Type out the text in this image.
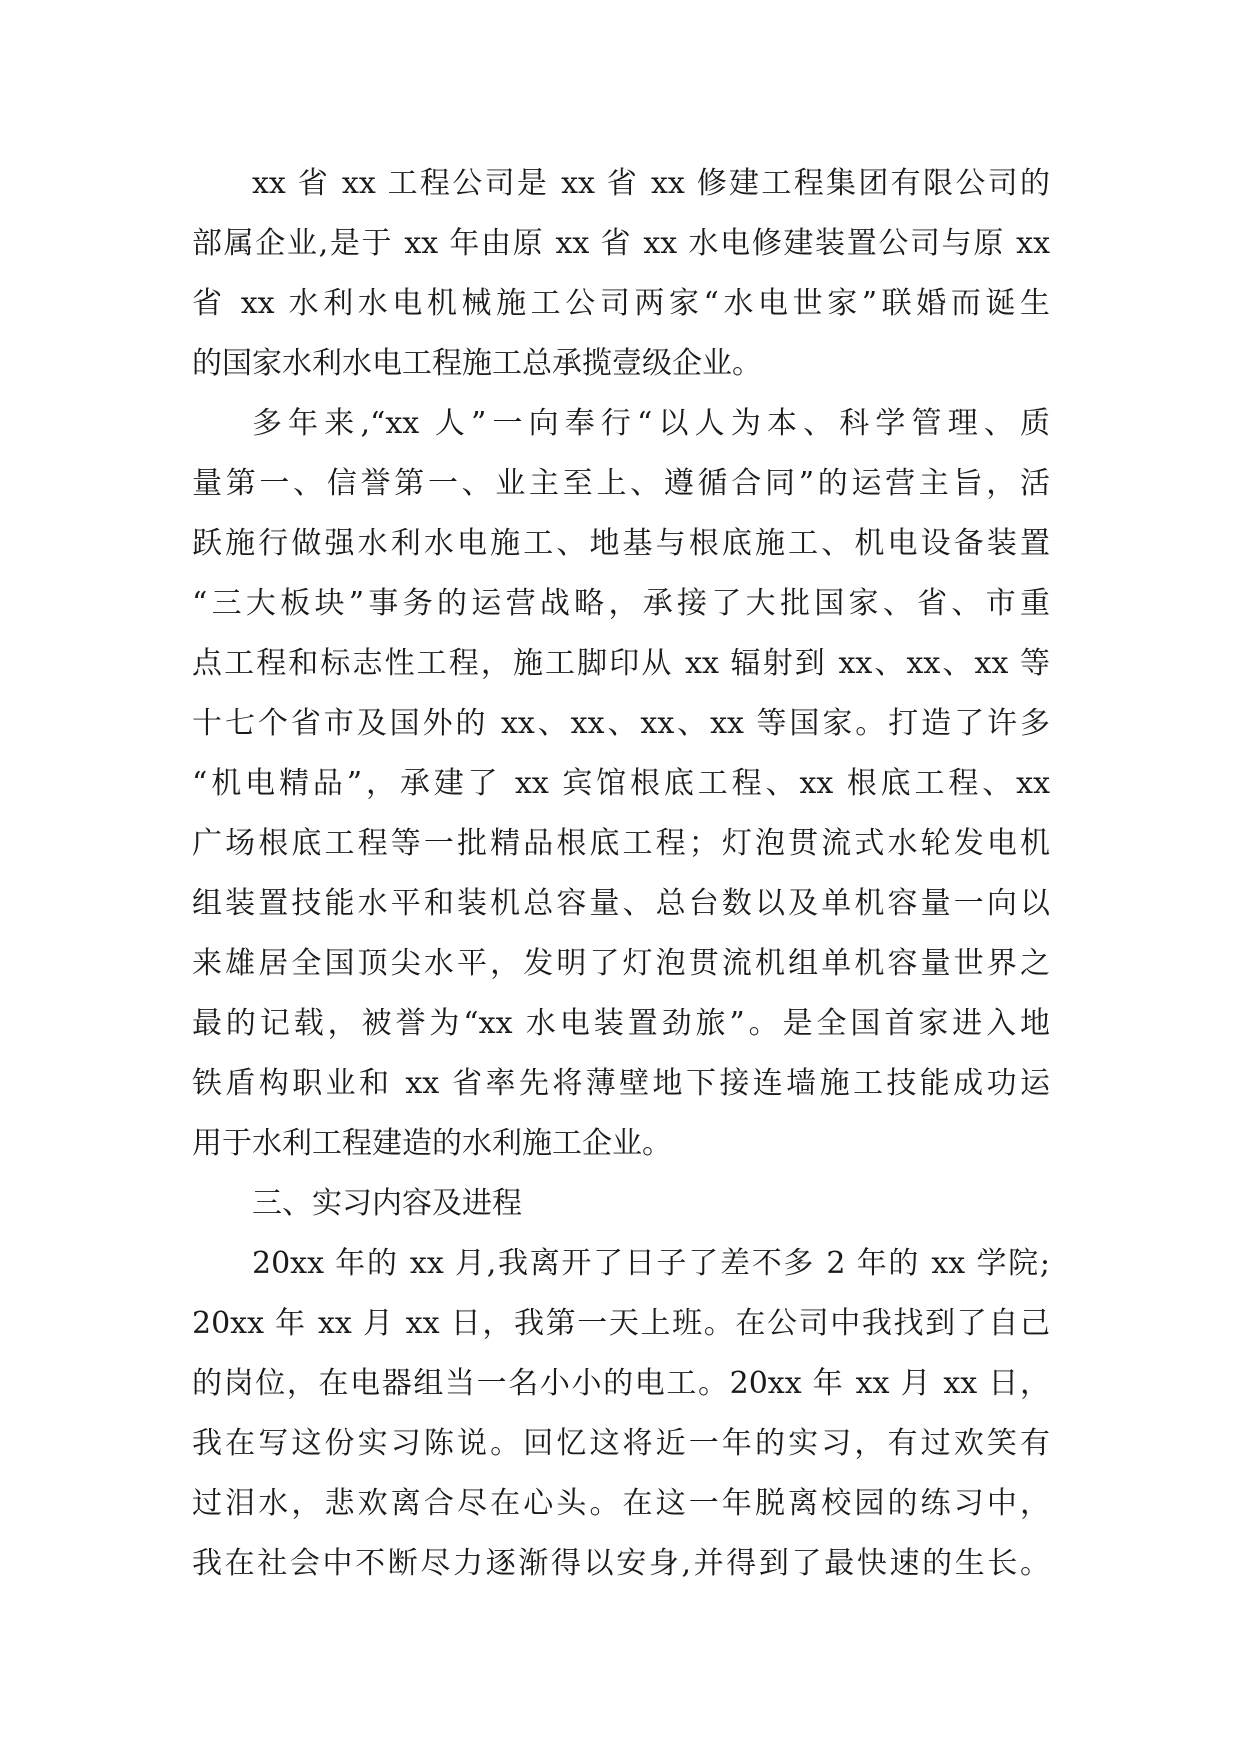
xx 省 xx 工程公司是 xx 省 xx 修建工程集团有限公司的
部属企业,是于 xx 年由原 xx 省 xx 水电修建装置公司与原 xx
省 xx 水利水电机械施工公司两家“水电世家”联婚而诞生
的国家水利水电工程施工总承揽壹级企业。
多年来,“xx 人”一向奉行“以人为本、科学管理、质
量第一、信誉第一、业主至上、遵循合同”的运营主旨，活
跃施行做强水利水电施工、地基与根底施工、机电设备装置
“三大板块”事务的运营战略，承接了大批国家、省、市重
点工程和标志性工程，施工脚印从 xx 辐射到 xx、xx、xx 等
十七个省市及国外的 xx、xx、xx、xx 等国家。打造了许多
“机电精品”，承建了 xx 宾馆根底工程、xx 根底工程、xx
广场根底工程等一批精品根底工程；灯泡贯流式水轮发电机
组装置技能水平和装机总容量、总台数以及单机容量一向以
来雄居全国顶尖水平，发明了灯泡贯流机组单机容量世界之
最的记载，被誉为“xx 水电装置劲旅”。是全国首家进入地
铁盾构职业和 xx 省率先将薄壁地下接连墙施工技能成功运
用于水利工程建造的水利施工企业。
三、实习内容及进程
20xx 年的 xx 月,我离开了日子了差不多 2 年的 xx 学院;
20xx 年 xx 月 xx 日，我第一天上班。在公司中我找到了自己
的岗位，在电器组当一名小小的电工。20xx 年 xx 月 xx 日，
我在写这份实习陈说。回忆这将近一年的实习，有过欢笑有
过泪水，悲欢离合尽在心头。在这一年脱离校园的练习中，
我在社会中不断尽力逐渐得以安身,并得到了最快速的生长。
